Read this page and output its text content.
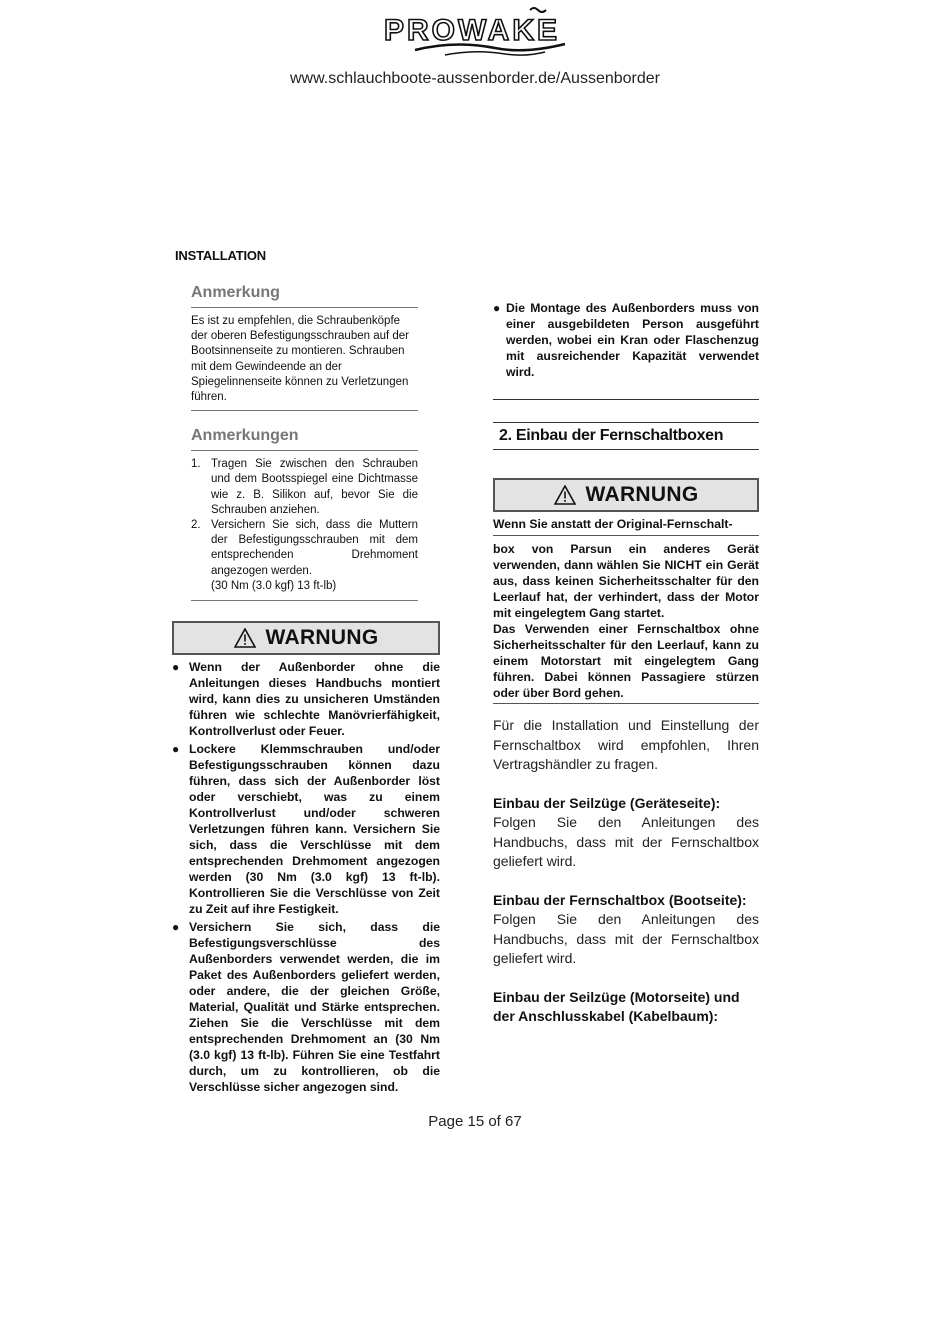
PROWAKE
www.schlauchboote-aussenborder.de/Aussenborder
INSTALLATION
Anmerkung
Es ist zu empfehlen, die Schraubenköpfe der oberen Befestigungsschrauben auf der Bootsinnenseite zu montieren. Schrauben mit dem Gewindeende an der Spiegelinnenseite können zu Verletzungen führen.
Anmerkungen
1. Tragen Sie zwischen den Schrauben und dem Bootsspiegel eine Dichtmasse wie z. B. Silikon auf, bevor Sie die Schrauben anziehen.
2. Versichern Sie sich, dass die Muttern der Befestigungsschrauben mit dem entsprechenden Drehmoment angezogen werden.
(30 Nm (3.0 kgf) 13 ft-lb)
WARNUNG
● Wenn der Außenborder ohne die Anleitungen dieses Handbuchs montiert wird, kann dies zu unsicheren Umständen führen wie schlechte Manövrierfähigkeit, Kontrollverlust oder Feuer.
● Lockere Klemmschrauben und/oder Befestigungsschrauben können dazu führen, dass sich der Außenborder löst oder verschiebt, was zu einem Kontrollverlust und/oder schweren Verletzungen führen kann. Versichern Sie sich, dass die Verschlüsse mit dem entsprechenden Drehmoment angezogen werden (30 Nm (3.0 kgf) 13 ft-lb). Kontrollieren Sie die Verschlüsse von Zeit zu Zeit auf ihre Festigkeit.
● Versichern Sie sich, dass die Befestigungsverschlüsse des Außenborders verwendet werden, die im Paket des Außenborders geliefert werden, oder andere, die der gleichen Größe, Material, Qualität und Stärke entsprechen. Ziehen Sie die Verschlüsse mit dem entsprechenden Drehmoment an (30 Nm (3.0 kgf) 13 ft-lb). Führen Sie eine Testfahrt durch, um zu kontrollieren, ob die Verschlüsse sicher angezogen sind.
● Die Montage des Außenborders muss von einer ausgebildeten Person ausgeführt werden, wobei ein Kran oder Flaschenzug mit ausreichender Kapazität verwendet wird.
2. Einbau der Fernschaltboxen
WARNUNG
Wenn Sie anstatt der Original-Fernschalt-
box von Parsun ein anderes Gerät verwenden, dann wählen Sie NICHT ein Gerät aus, dass keinen Sicherheitsschalter für den Leerlauf hat, der verhindert, dass der Motor mit eingelegtem Gang startet.
Das Verwenden einer Fernschaltbox ohne Sicherheitsschalter für den Leerlauf, kann zu einem Motorstart mit eingelegtem Gang führen. Dabei können Passagiere stürzen oder über Bord gehen.
Für die Installation und Einstellung der Fernschaltbox wird empfohlen, Ihren Vertragshändler zu fragen.
Einbau der Seilzüge (Geräteseite):
Folgen Sie den Anleitungen des Handbuchs, dass mit der Fernschaltbox geliefert wird.
Einbau der Fernschaltbox (Bootseite):
Folgen Sie den Anleitungen des Handbuchs, dass mit der Fernschaltbox geliefert wird.
Einbau der Seilzüge (Motorseite) und der Anschlusskabel (Kabelbaum):
Page 15 of 67
